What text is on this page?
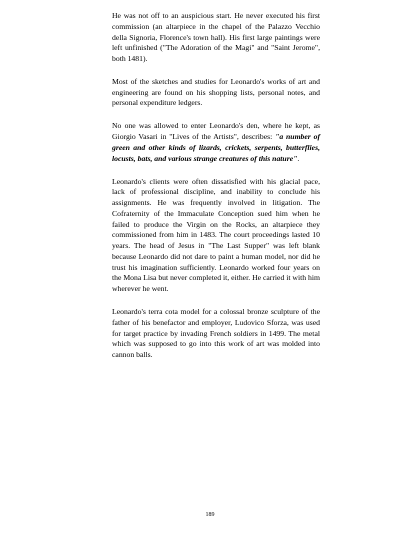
He was not off to an auspicious start. He never executed his first commission (an altarpiece in the chapel of the Palazzo Vecchio della Signoria, Florence's town hall). His first large paintings were left unfinished ("The Adoration of the Magi" and "Saint Jerome", both 1481).

Most of the sketches and studies for Leonardo's works of art and engineering are found on his shopping lists, personal notes, and personal expenditure ledgers.

No one was allowed to enter Leonardo's den, where he kept, as Giorgio Vasari in "Lives of the Artists", describes: "a number of green and other kinds of lizards, crickets, serpents, butterflies, locusts, bats, and various strange creatures of this nature".

Leonardo's clients were often dissatisfied with his glacial pace, lack of professional discipline, and inability to conclude his assignments. He was frequently involved in litigation. The Cofraternity of the Immaculate Conception sued him when he failed to produce the Virgin on the Rocks, an altarpiece they commissioned from him in 1483. The court proceedings lasted 10 years. The head of Jesus in "The Last Supper" was left blank because Leonardo did not dare to paint a human model, nor did he trust his imagination sufficiently. Leonardo worked four years on the Mona Lisa but never completed it, either. He carried it with him wherever he went.

Leonardo's terra cota model for a colossal bronze sculpture of the father of his benefactor and employer, Ludovico Sforza, was used for target practice by invading French soldiers in 1499. The metal which was supposed to go into this work of art was molded into cannon balls.

189
